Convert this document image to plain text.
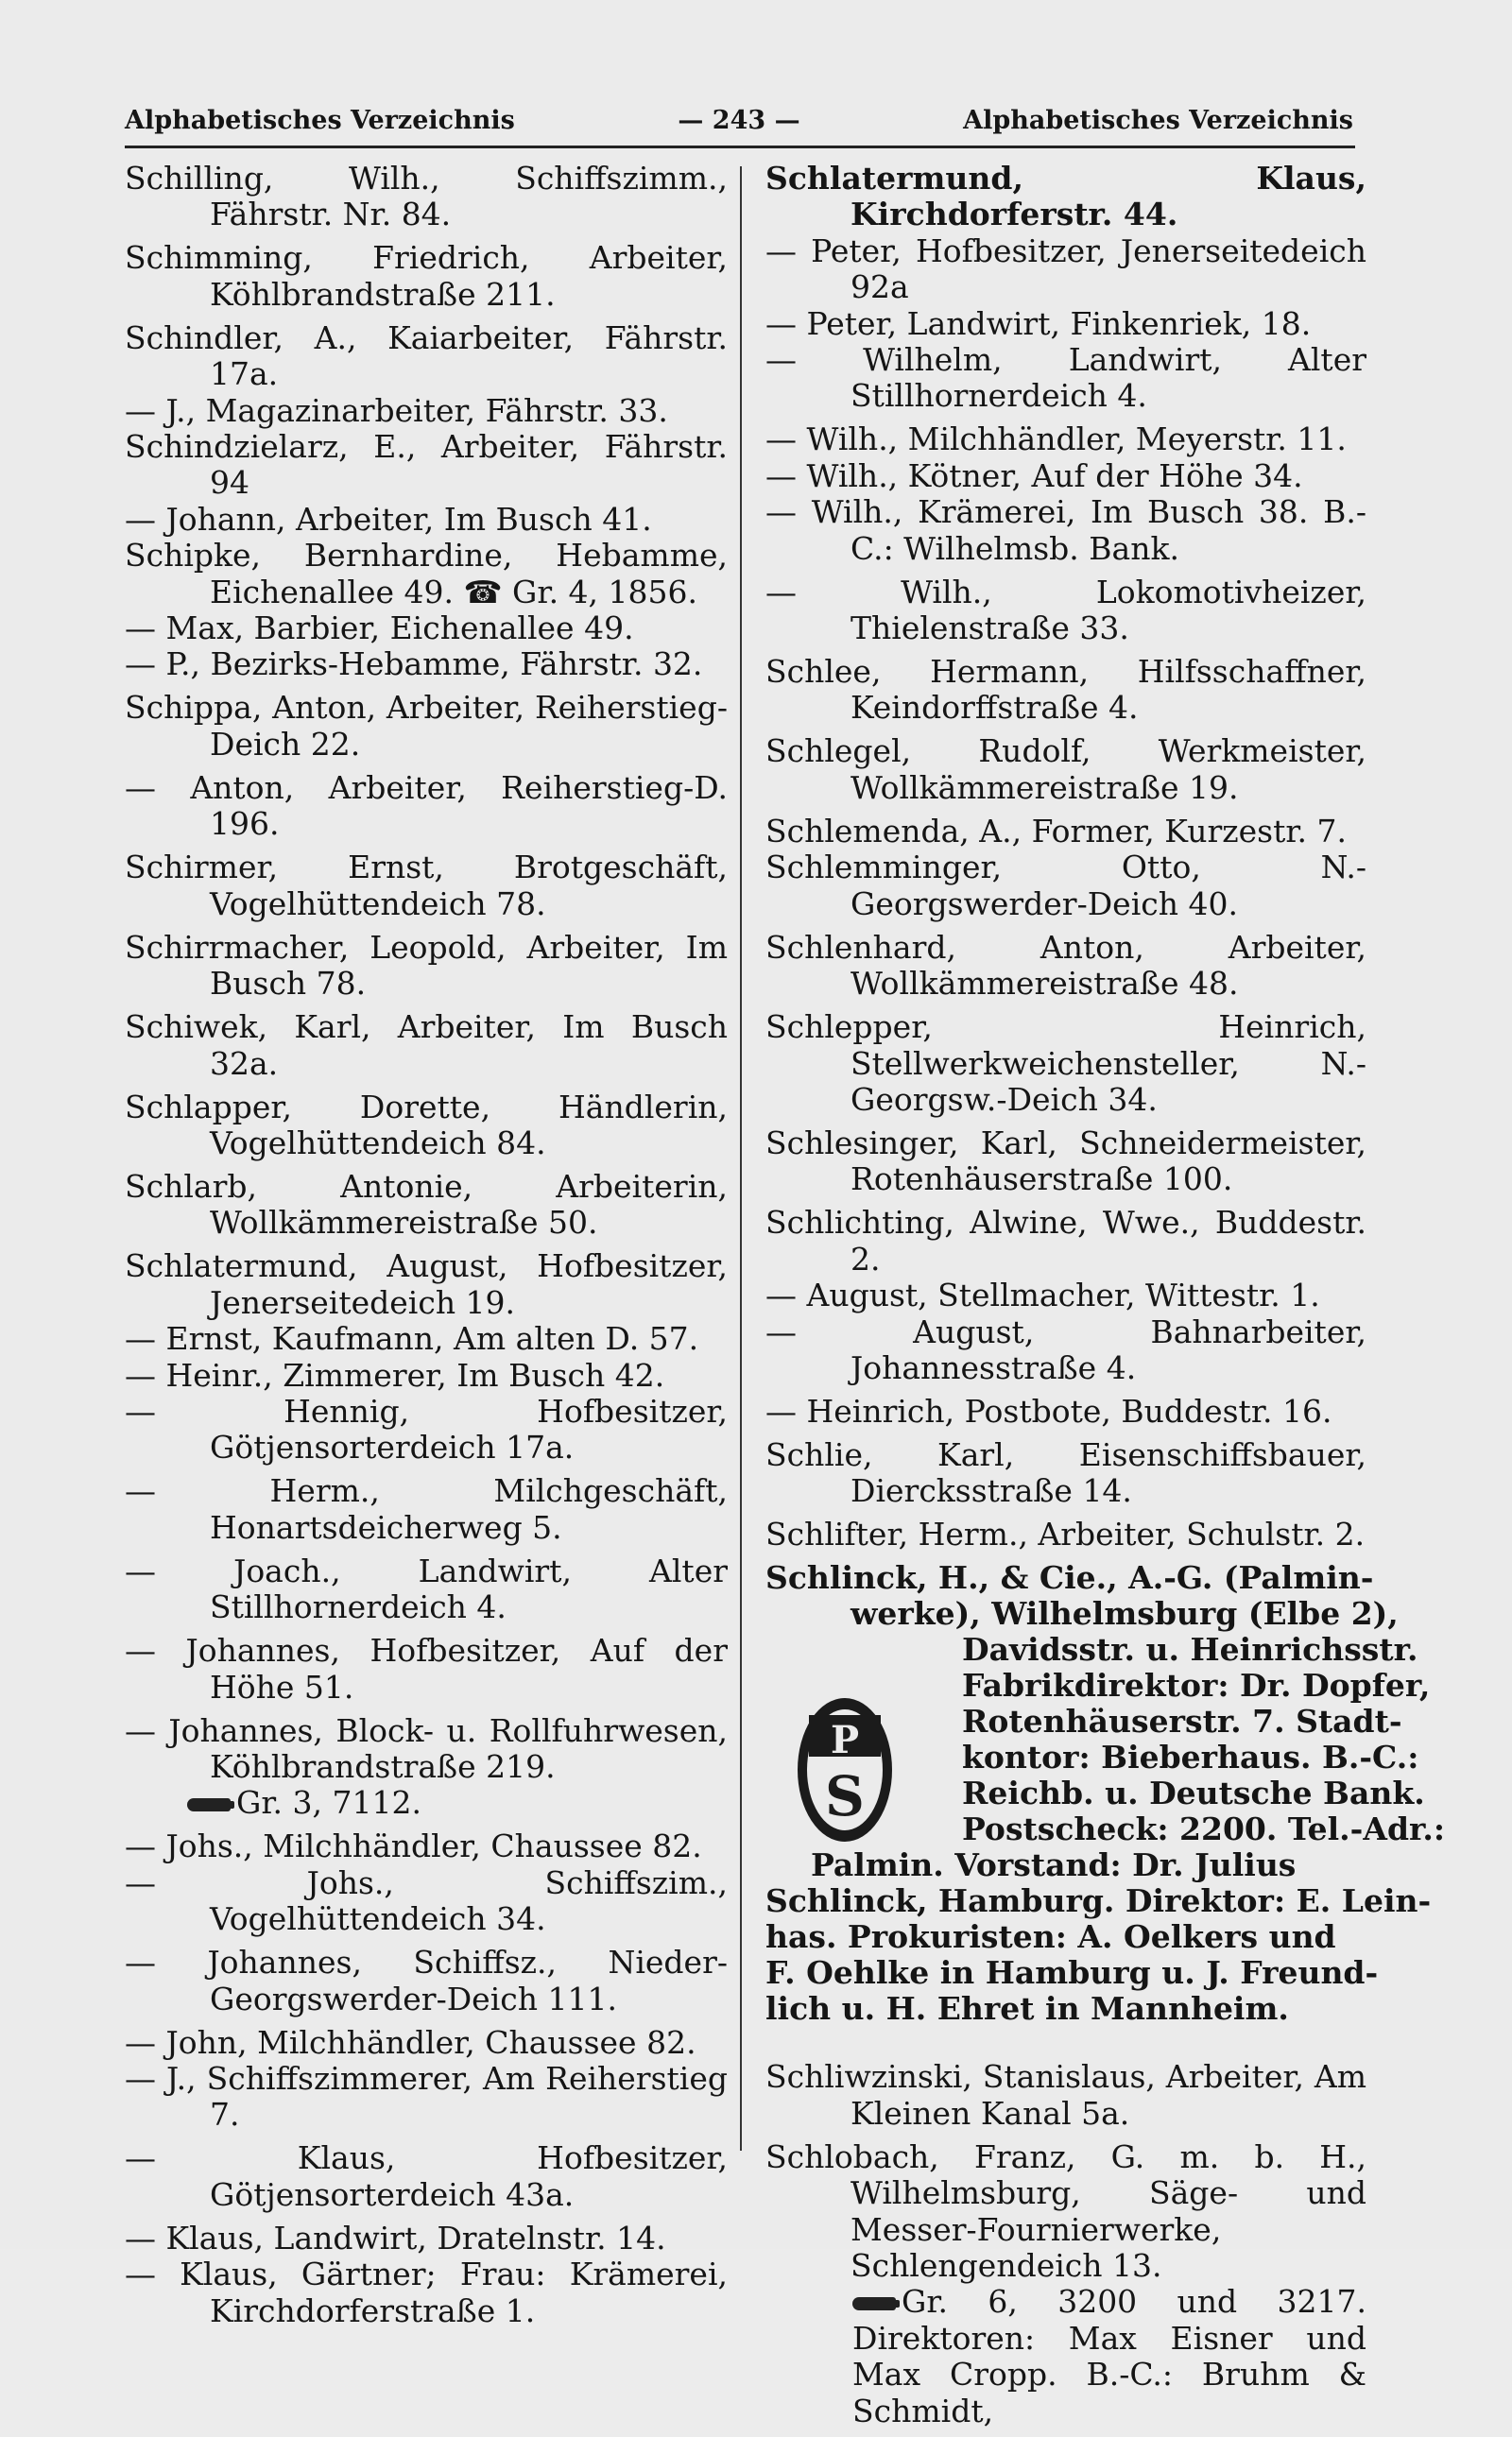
Alphabetisches Verzeichnis	— 243 —	Alphabetisches Verzeichnis

Schilling, Wilh., Schiffszimm., Fährstr. Nr. 84.

Schimming, Friedrich, Arbeiter, Köhlbrandstraße 211.

Schindler, A., Kaiarbeiter, Fährstr. 17a.

— J., Magazinarbeiter, Fährstr. 33.

Schindzielarz, E., Arbeiter, Fährstr. 94

— Johann, Arbeiter, Im Busch 41.

Schipke, Bernhardine, Hebamme, Eichenallee 49. ☎ Gr. 4, 1856.

— Max, Barbier, Eichenallee 49.

— P., Bezirks-Hebamme, Fährstr. 32.

Schippa, Anton, Arbeiter, Reiherstieg-Deich 22.

— Anton, Arbeiter, Reiherstieg-D. 196.

Schirmer, Ernst, Brotgeschäft, Vogelhüttendeich 78.

Schirrmacher, Leopold, Arbeiter, Im Busch 78.

Schiwek, Karl, Arbeiter, Im Busch 32a.

Schlapper, Dorette, Händlerin, Vogelhüttendeich 84.

Schlarb, Antonie, Arbeiterin, Wollkämmereistraße 50.

Schlatermund, August, Hofbesitzer, Jenerseitedeich 19.

— Ernst, Kaufmann, Am alten D. 57.

— Heinr., Zimmerer, Im Busch 42.

— Hennig, Hofbesitzer, Götjensorterdeich 17a.

— Herm., Milchgeschäft, Honartsdeicherweg 5.

— Joach., Landwirt, Alter Stillhornerdeich 4.

— Johannes, Hofbesitzer, Auf der Höhe 51.

— Johannes, Block- u. Rollfuhrwesen, Köhlbrandstraße 219.

Gr. 3, 7112.

— Johs., Milchhändler, Chaussee 82.

— Johs., Schiffszim., Vogelhüttendeich 34.

— Johannes, Schiffsz., Nieder-Georgswerder-Deich 111.

— John, Milchhändler, Chaussee 82.

— J., Schiffszimmerer, Am Reiherstieg 7.

— Klaus, Hofbesitzer, Götjensorterdeich 43a.

— Klaus, Landwirt, Dratelnstr. 14.

— Klaus, Gärtner; Frau: Krämerei, Kirchdorferstraße 1.

Schlatermund, Klaus, Kirchdorferstr. 44.

— Peter, Hofbesitzer, Jenerseitedeich 92a

— Peter, Landwirt, Finkenriek, 18.

— Wilhelm, Landwirt, Alter Stillhornerdeich 4.

— Wilh., Milchhändler, Meyerstr. 11.

— Wilh., Kötner, Auf der Höhe 34.

— Wilh., Krämerei, Im Busch 38. B.-C.: Wilhelmsb. Bank.

— Wilh., Lokomotivheizer, Thielenstraße 33.

Schlee, Hermann, Hilfsschaffner, Keindorffstraße 4.

Schlegel, Rudolf, Werkmeister, Wollkämmereistraße 19.

Schlemenda, A., Former, Kurzestr. 7.

Schlemminger, Otto, N.-Georgswerder-Deich 40.

Schlenhard, Anton, Arbeiter, Wollkämmereistraße 48.

Schlepper, Heinrich, Stellwerkweichensteller, N.-Georgsw.-Deich 34.

Schlesinger, Karl, Schneidermeister, Rotenhäuserstraße 100.

Schlichting, Alwine, Wwe., Buddestr. 2.

— August, Stellmacher, Wittestr. 1.

— August, Bahnarbeiter, Johannesstraße 4.

— Heinrich, Postbote, Buddestr. 16.

Schlie, Karl, Eisenschiffsbauer, Diercksstraße 14.

Schlifter, Herm., Arbeiter, Schulstr. 2.

Schlinck, H., & Cie., A.-G. (Palmin-
werke), Wilhelmsburg (Elbe 2),
Davidsstr. u. Heinrichsstr.
Fabrikdirektor: Dr. Dopfer,
Rotenhäuserstr. 7. Stadt-
kontor: Bieberhaus. B.-C.:
Reichb. u. Deutsche Bank.
Postscheck: 2200. Tel.-Adr.:
Palmin. Vorstand: Dr. Julius
Schlinck, Hamburg. Direktor: E. Lein-
has. Prokuristen: A. Oelkers und
F. Oehlke in Hamburg u. J. Freund-
lich u. H. Ehret in Mannheim.
P
S

Schliwzinski, Stanislaus, Arbeiter, Am Kleinen Kanal 5a.

Schlobach, Franz, G. m. b. H., Wilhelmsburg, Säge- und Messer-Fournierwerke, Schlengendeich 13.

Gr. 6, 3200 und 3217. Direktoren: Max Eisner und Max Cropp. B.-C.: Bruhm & Schmidt,
